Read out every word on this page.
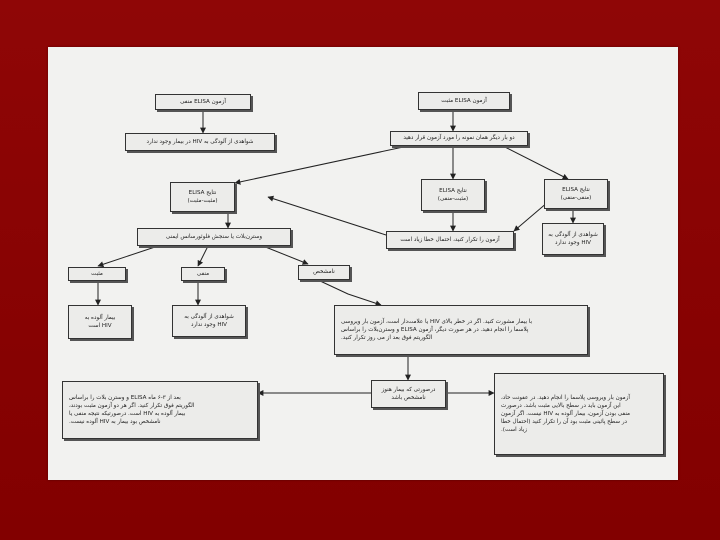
آزمون ELISA منفی	آزمون ELISA مثبت
شواهدی از آلودگی به HIV در بیمار وجود ندارد
دو بار دیگر همان نمونه را مورد آزمون قرار دهید
نتایج ELISA
(مثبت-مثبت)
نتایج ELISA
(مثبت-منفی)
نتایج ELISA
(منفی-منفی)
آزمون را تکرار کنید، احتمال خطا زیاد است
شواهدی از آلودگی به
HIV وجود ندارد
وسترن‌بلات یا سنجش فلوئورسانس ایمنی
مثبت	منفی	نامشخص
بیمار آلوده به
HIV است
شواهدی از آلودگی به
HIV وجود ندارد
با بیمار مشورت کنید. اگر در خطر بالای HIV یا علامت‌دار است، آزمون بار ویروسی
پلاسما را انجام دهید. در هر صورت دیگر، آزمون ELISA و وسترن‌بلات را براساس
الگوریتم فوق بعد از می روز تکرار کنید.
درصورتی که بیمار هنوز
نامشخص باشد
بعد از ۳-۶ ماه ELISA و وسترن بلات را براساس
الگوریتم فوق تکرار کنید. اگر هر دو آزمون مثبت بودند،
بیمار آلوده به HIV است. درصورتیکه نتیجه منفی یا
نامشخص بود بیمار به HIV آلوده نیست.
آزمون بار ویروسی پلاسما را انجام دهید. در عفونت حاد،
این آزمون باید در سطح بالایی مثبت باشد. درصورت
منفی بودن آزمون، بیمار آلوده به HIV نیست. اگر آزمون
در سطح پائینی مثبت بود آن را تکرار کنید (احتمال خطا
زیاد است).
